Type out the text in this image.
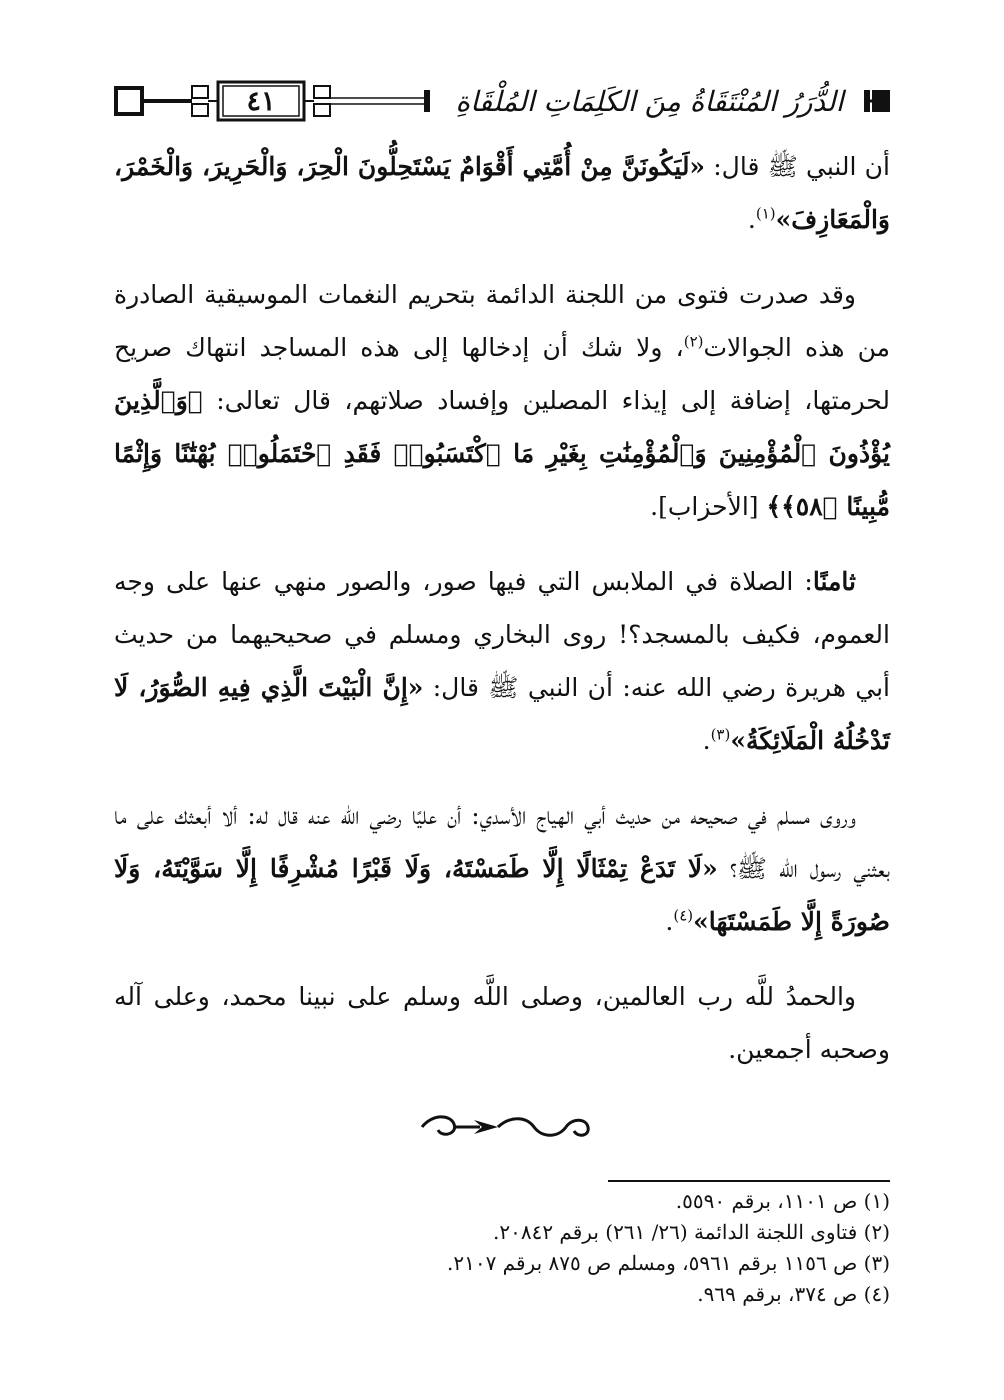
٤١	الدُّرَرُ المُنْتَقَاةُ مِنَ الكَلِمَاتِ المُلْقَاةِ

أن النبي ﷺ قال: «لَيَكُونَنَّ مِنْ أُمَّتِي أَقْوَامٌ يَسْتَحِلُّونَ الْحِرَ، وَالْحَرِيرَ، وَالْخَمْرَ، وَالْمَعَازِفَ»$^{(١)}$.

وقد صدرت فتوى من اللجنة الدائمة بتحريم النغمات الموسيقية الصادرة من هذه الجوالات$^{(٢)}$، ولا شك أن إدخالها إلى هذه المساجد انتهاك صريح لحرمتها، إضافة إلى إيذاء المصلين وإفساد صلاتهم، قال تعالى: ﴿وَٱلَّذِينَ يُؤْذُونَ ٱلْمُؤْمِنِينَ وَٱلْمُؤْمِنَٰتِ بِغَيْرِ مَا ٱكْتَسَبُوا۟ فَقَدِ ٱحْتَمَلُوا۟ بُهْتَٰنًا وَإِثْمًا مُّبِينًا ﴿٥٨﴾﴾ [الأحزاب].

ثامنًا: الصلاة في الملابس التي فيها صور، والصور منهي عنها على وجه العموم، فكيف بالمسجد؟! روى البخاري ومسلم في صحيحيهما من حديث أبي هريرة رضي الله عنه: أن النبي ﷺ قال: «إِنَّ الْبَيْتَ الَّذِي فِيهِ الصُّوَرُ، لَا تَدْخُلُهُ الْمَلَائِكَةُ»$^{(٣)}$.

وروى مسلم في صحيحه من حديث أبي الهياج الأسدي: أن عليًا رضي الله عنه قال له: ألا أبعثك على ما بعثني رسول الله ﷺ؟ «لَا تَدَعْ تِمْثَالًا إِلَّا طَمَسْتَهُ، وَلَا قَبْرًا مُشْرِفًا إِلَّا سَوَّيْتَهُ، وَلَا صُورَةً إِلَّا طَمَسْتَهَا»$^{(٤)}$.

والحمدُ للَّه رب العالمين، وصلى اللَّه وسلم على نبينا محمد، وعلى آله وصحبه أجمعين.

(١) ص ١١٠١، برقم ٥٥٩٠.
(٢) فتاوى اللجنة الدائمة (٢٦/ ٢٦١) برقم ٢٠٨٤٢.
(٣) ص ١١٥٦ برقم ٥٩٦١، ومسلم ص ٨٧٥ برقم ٢١٠٧.
(٤) ص ٣٧٤، برقم ٩٦٩.
